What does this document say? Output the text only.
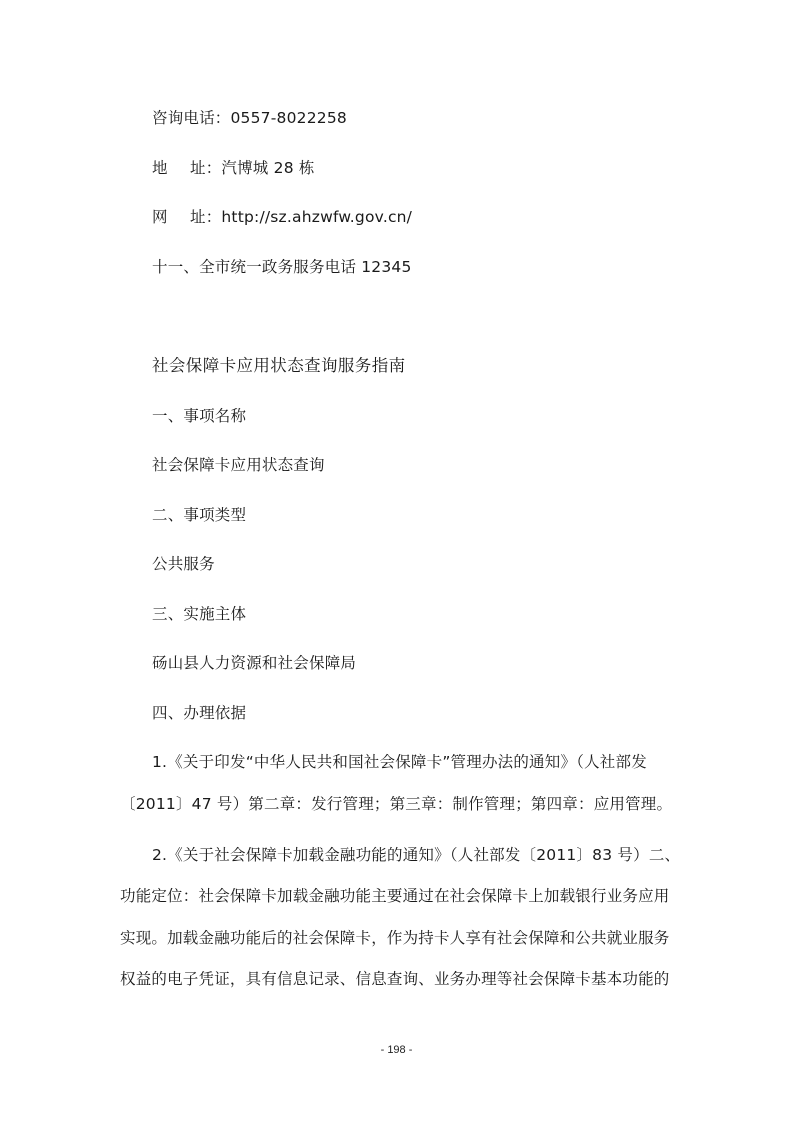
咨询电话：0557-8022258
地 址：汽博城 28 栋
网 址：http://sz.ahzwfw.gov.cn/
十一、全市统一政务服务电话 12345
社会保障卡应用状态查询服务指南
一、事项名称
社会保障卡应用状态查询
二、事项类型
公共服务
三、实施主体
砀山县人力资源和社会保障局
四、办理依据
1.《关于印发“中华人民共和国社会保障卡”管理办法的通知》（人社部发
〔2011〕47 号）第二章：发行管理；第三章：制作管理；第四章：应用管理。
2.《关于社会保障卡加载金融功能的通知》（人社部发〔2011〕83 号）二、
功能定位：社会保障卡加载金融功能主要通过在社会保障卡上加载银行业务应用
实现。加载金融功能后的社会保障卡，作为持卡人享有社会保障和公共就业服务
权益的电子凭证，具有信息记录、信息查询、业务办理等社会保障卡基本功能的
- 198 -
